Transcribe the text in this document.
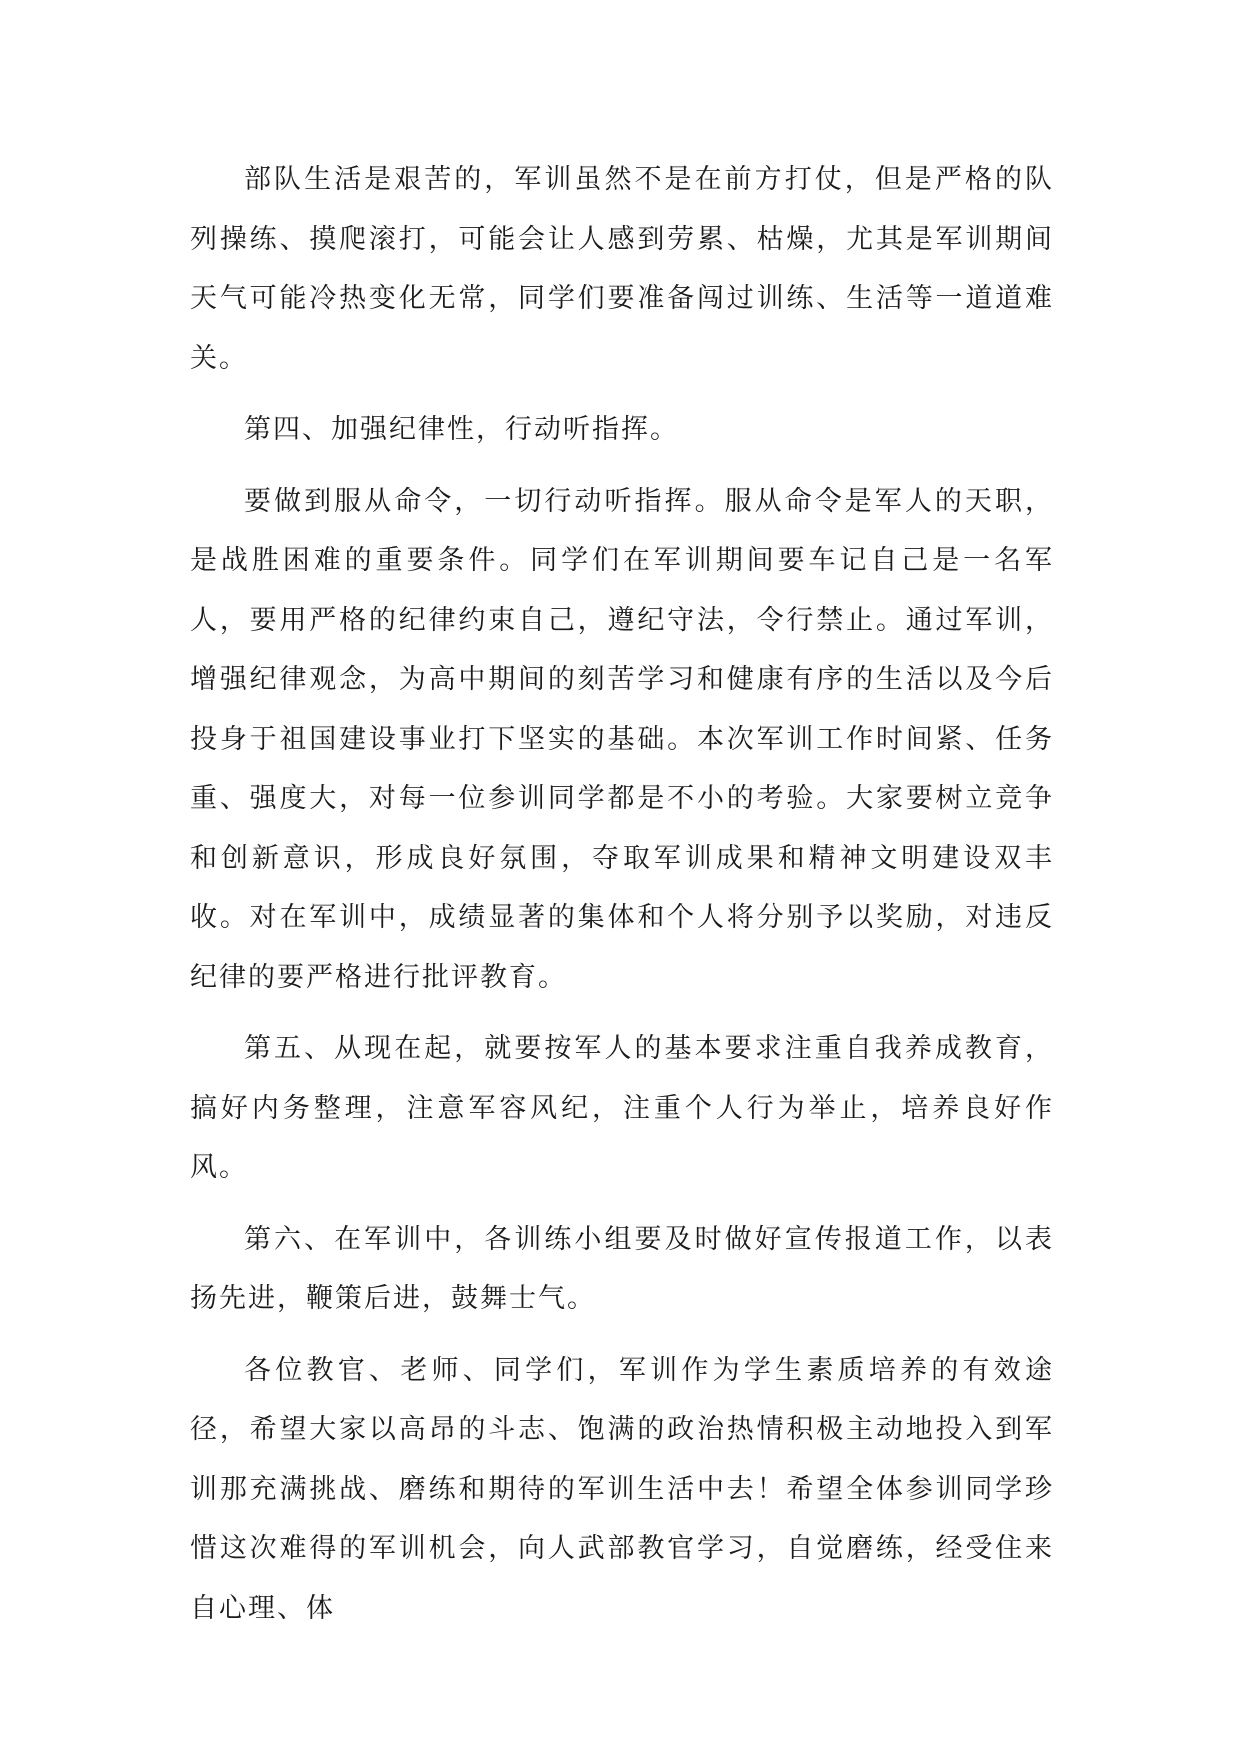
部队生活是艰苦的，军训虽然不是在前方打仗，但是严格的队列操练、摸爬滚打，可能会让人感到劳累、枯燥，尤其是军训期间天气可能冷热变化无常，同学们要准备闯过训练、生活等一道道难关。

第四、加强纪律性，行动听指挥。

要做到服从命令，一切行动听指挥。服从命令是军人的天职，是战胜困难的重要条件。同学们在军训期间要车记自己是一名军人，要用严格的纪律约束自己，遵纪守法，令行禁止。通过军训，增强纪律观念，为高中期间的刻苦学习和健康有序的生活以及今后投身于祖国建设事业打下坚实的基础。本次军训工作时间紧、任务重、强度大，对每一位参训同学都是不小的考验。大家要树立竞争和创新意识，形成良好氛围，夺取军训成果和精神文明建设双丰收。对在军训中，成绩显著的集体和个人将分别予以奖励，对违反纪律的要严格进行批评教育。

第五、从现在起，就要按军人的基本要求注重自我养成教育，搞好内务整理，注意军容风纪，注重个人行为举止，培养良好作风。

第六、在军训中，各训练小组要及时做好宣传报道工作，以表扬先进，鞭策后进，鼓舞士气。

各位教官、老师、同学们，军训作为学生素质培养的有效途径，希望大家以高昂的斗志、饱满的政治热情积极主动地投入到军训那充满挑战、磨练和期待的军训生活中去！希望全体参训同学珍惜这次难得的军训机会，向人武部教官学习，自觉磨练，经受住来自心理、体
